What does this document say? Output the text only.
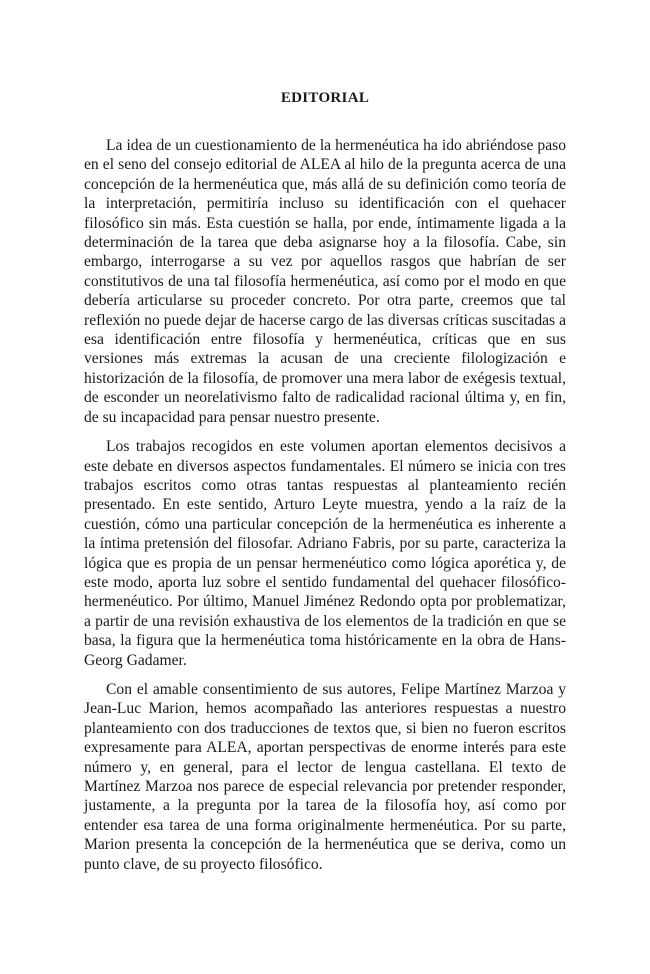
EDITORIAL

La idea de un cuestionamiento de la hermenéutica ha ido abriéndose paso en el seno del consejo editorial de ALEA al hilo de la pregunta acerca de una concepción de la hermenéutica que, más allá de su definición como teoría de la interpretación, permitiría incluso su identificación con el quehacer filosófico sin más. Esta cuestión se halla, por ende, íntimamente ligada a la determinación de la tarea que deba asignarse hoy a la filosofía. Cabe, sin embargo, interrogarse a su vez por aquellos rasgos que habrían de ser constitutivos de una tal filosofía hermenéutica, así como por el modo en que debería articularse su proceder concreto. Por otra parte, creemos que tal reflexión no puede dejar de hacerse cargo de las diversas críticas suscitadas a esa identificación entre filosofía y hermenéutica, críticas que en sus versiones más extremas la acusan de una creciente filologización e historización de la filosofía, de promover una mera labor de exégesis textual, de esconder un neorelativismo falto de radicalidad racional última y, en fin, de su incapacidad para pensar nuestro presente.

Los trabajos recogidos en este volumen aportan elementos decisivos a este debate en diversos aspectos fundamentales. El número se inicia con tres trabajos escritos como otras tantas respuestas al planteamiento recién presentado. En este sentido, Arturo Leyte muestra, yendo a la raíz de la cuestión, cómo una particular concepción de la hermenéutica es inherente a la íntima pretensión del filosofar. Adriano Fabris, por su parte, caracteriza la lógica que es propia de un pensar hermenéutico como lógica aporética y, de este modo, aporta luz sobre el sentido fundamental del quehacer filosófico-hermenéutico. Por último, Manuel Jiménez Redondo opta por problematizar, a partir de una revisión exhaustiva de los elementos de la tradición en que se basa, la figura que la hermenéutica toma históricamente en la obra de Hans-Georg Gadamer.

Con el amable consentimiento de sus autores, Felipe Martínez Marzoa y Jean-Luc Marion, hemos acompañado las anteriores respuestas a nuestro planteamiento con dos traducciones de textos que, si bien no fueron escritos expresamente para ALEA, aportan perspectivas de enorme interés para este número y, en general, para el lector de lengua castellana. El texto de Martínez Marzoa nos parece de especial relevancia por pretender responder, justamente, a la pregunta por la tarea de la filosofía hoy, así como por entender esa tarea de una forma originalmente hermenéutica. Por su parte, Marion presenta la concepción de la hermenéutica que se deriva, como un punto clave, de su proyecto filosófico.
